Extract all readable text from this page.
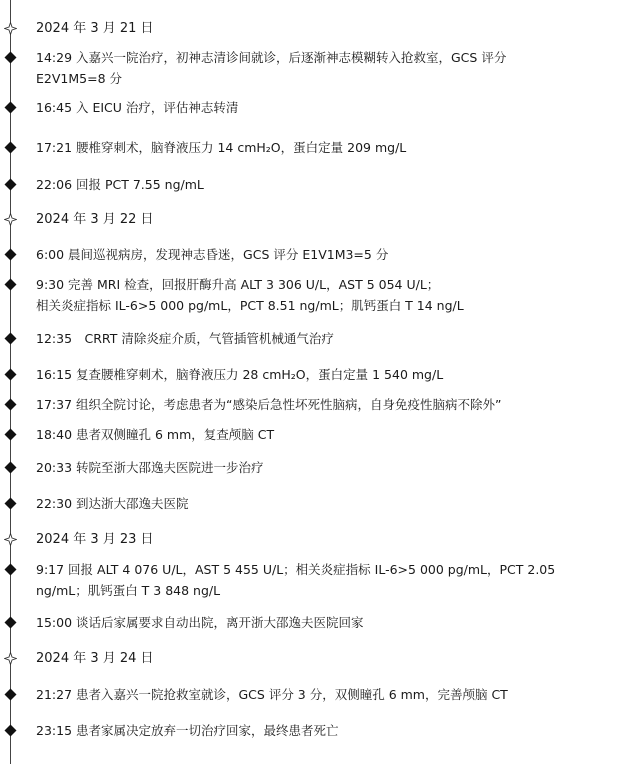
2024 年 3 月 21 日
14:29 入嘉兴一院治疗，初神志清诊间就诊，后逐渐神志模糊转入抢救室，GCS 评分
E2V1M5=8 分
16:45 入 EICU 治疗，评估神志转清
17:21 腰椎穿刺术，脑脊液压力 14 cmH₂O，蛋白定量 209 mg/L
22:06 回报 PCT 7.55 ng/mL
2024 年 3 月 22 日
6:00 晨间巡视病房，发现神志昏迷，GCS 评分 E1V1M3=5 分
9:30 完善 MRI 检查，回报肝酶升高 ALT 3 306 U/L，AST 5 054 U/L；
相关炎症指标 IL-6>5 000 pg/mL，PCT 8.51 ng/mL；肌钙蛋白 T 14 ng/L
12:35　CRRT 清除炎症介质，气管插管机械通气治疗
16:15 复查腰椎穿刺术，脑脊液压力 28 cmH₂O，蛋白定量 1 540 mg/L
17:37 组织全院讨论，考虑患者为“感染后急性坏死性脑病，自身免疫性脑病不除外”
18:40 患者双侧瞳孔 6 mm，复查颅脑 CT
20:33 转院至浙大邵逸夫医院进一步治疗
22:30 到达浙大邵逸夫医院
2024 年 3 月 23 日
9:17 回报 ALT 4 076 U/L，AST 5 455 U/L；相关炎症指标 IL-6>5 000 pg/mL，PCT 2.05
ng/mL；肌钙蛋白 T 3 848 ng/L
15:00 谈话后家属要求自动出院，离开浙大邵逸夫医院回家
2024 年 3 月 24 日
21:27 患者入嘉兴一院抢救室就诊，GCS 评分 3 分，双侧瞳孔 6 mm，完善颅脑 CT
23:15 患者家属决定放弃一切治疗回家，最终患者死亡
